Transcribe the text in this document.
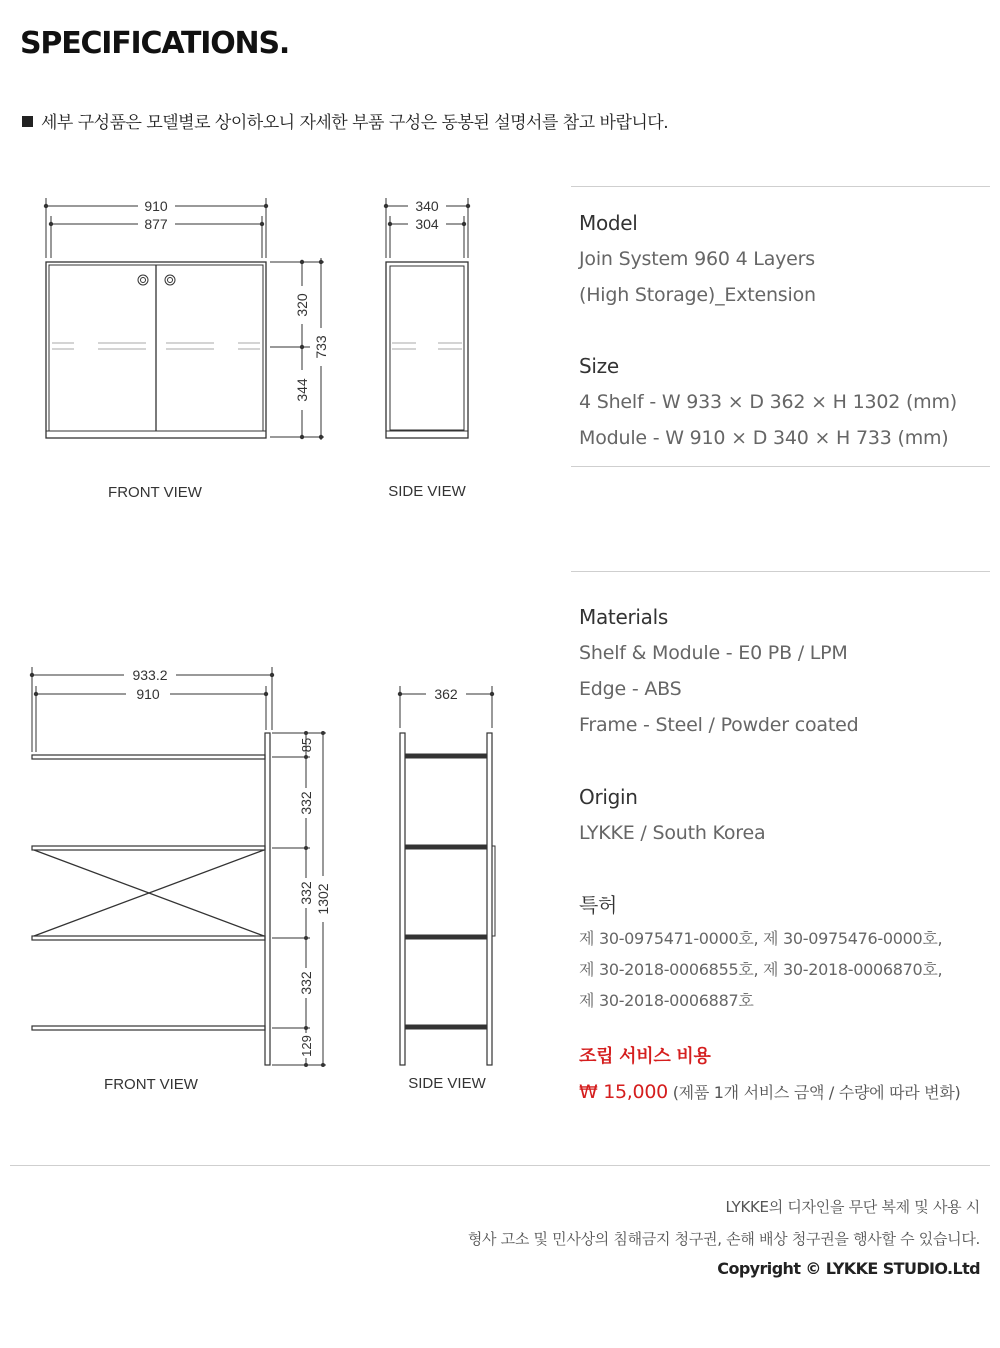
SPECIFICATIONS.
세부 구성품은 모델별로 상이하오니 자세한 부품 구성은 동봉된 설명서를 참고 바랍니다.
910
877
320
344
733
340
304
933.2
910
85
332
332
332
129
1302
362
FRONT VIEW	SIDE VIEW
FRONT VIEW	SIDE VIEW
Model
Join System 960 4 Layers
(High Storage)_Extension
Size
4 Shelf - W 933 × D 362 × H 1302 (mm)
Module - W 910 × D 340 × H 733 (mm)
Materials
Shelf & Module - E0 PB / LPM
Edge - ABS
Frame - Steel / Powder coated
Origin
LYKKE / South Korea
특허
제 30-0975471-0000호, 제 30-0975476-0000호,
제 30-2018-0006855호, 제 30-2018-0006870호,
제 30-2018-0006887호
조립 서비스 비용
₩ 15,000 (제품 1개 서비스 금액 / 수량에 따라 변화)
LYKKE의 디자인을 무단 복제 및 사용 시
형사 고소 및 민사상의 침해금지 청구권, 손해 배상 청구권을 행사할 수 있습니다.
Copyright © LYKKE STUDIO.Ltd
